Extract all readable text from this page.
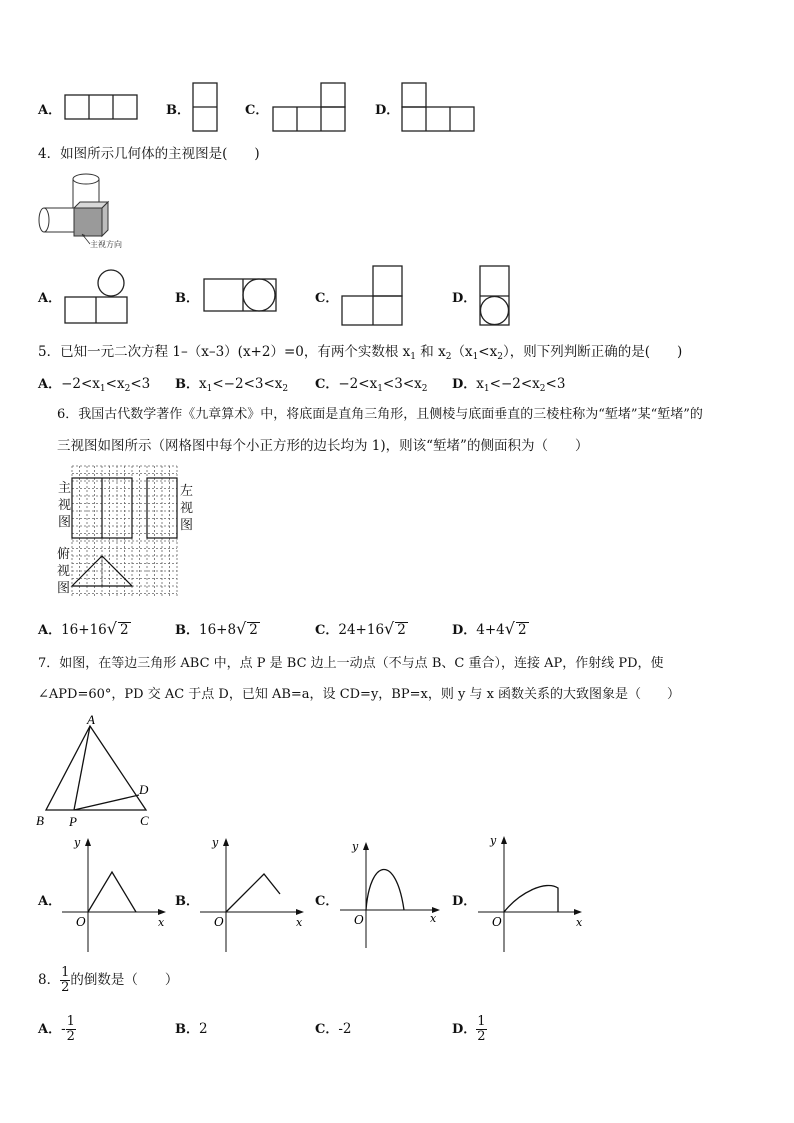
A．	B．	C．	D．
4．如图所示几何体的主视图是(　　)
主视方向
A．	B．	C．	D．
5．已知一元二次方程 1–（x–3）(x+2）=0，有两个实数根 $x_1$ 和 $x_2(x_1<x_2)$，则下列判断正确的是(　　)
A．$-2<x_1<x_2<3$ B．$x_1<-2<3<x_2$ C．$-2<x_1<3<x_2$ D．$x_1<-2<x_2<3$
6．我国古代数学著作《九章算术》中，将底面是直角三角形，且侧棱与底面垂直的三棱柱称为“堑堵”某“堑堵”的
三视图如图所示（网格图中每个小正方形的边长均为 1)，则该“堑堵”的侧面积为（　　）
主
视
图
左
视
图
俯
视
图
A．16+16√ 2	B．16+8√ 2	C．24+16√ 2	D．4+4√ 2
7．如图，在等边三角形 ABC 中，点 P 是 BC 边上一动点（不与点 B、C 重合），连接 AP，作射线 PD，使
∠APD=60°，PD 交 AC 于点 D，已知 AB=a，设 CD=y，BP=x，则 y 与 x 函数关系的大致图象是（　　）
A
B P	C
D
A．
y
x
O
B．
y
x
O
C．
y
x
O
D．
y
x
O
8． $\frac{1}{2}$ 的倒数是（　　）
A．- $\frac{1}{2}$	B．2	C．-2	D． $\frac{1}{2}$
